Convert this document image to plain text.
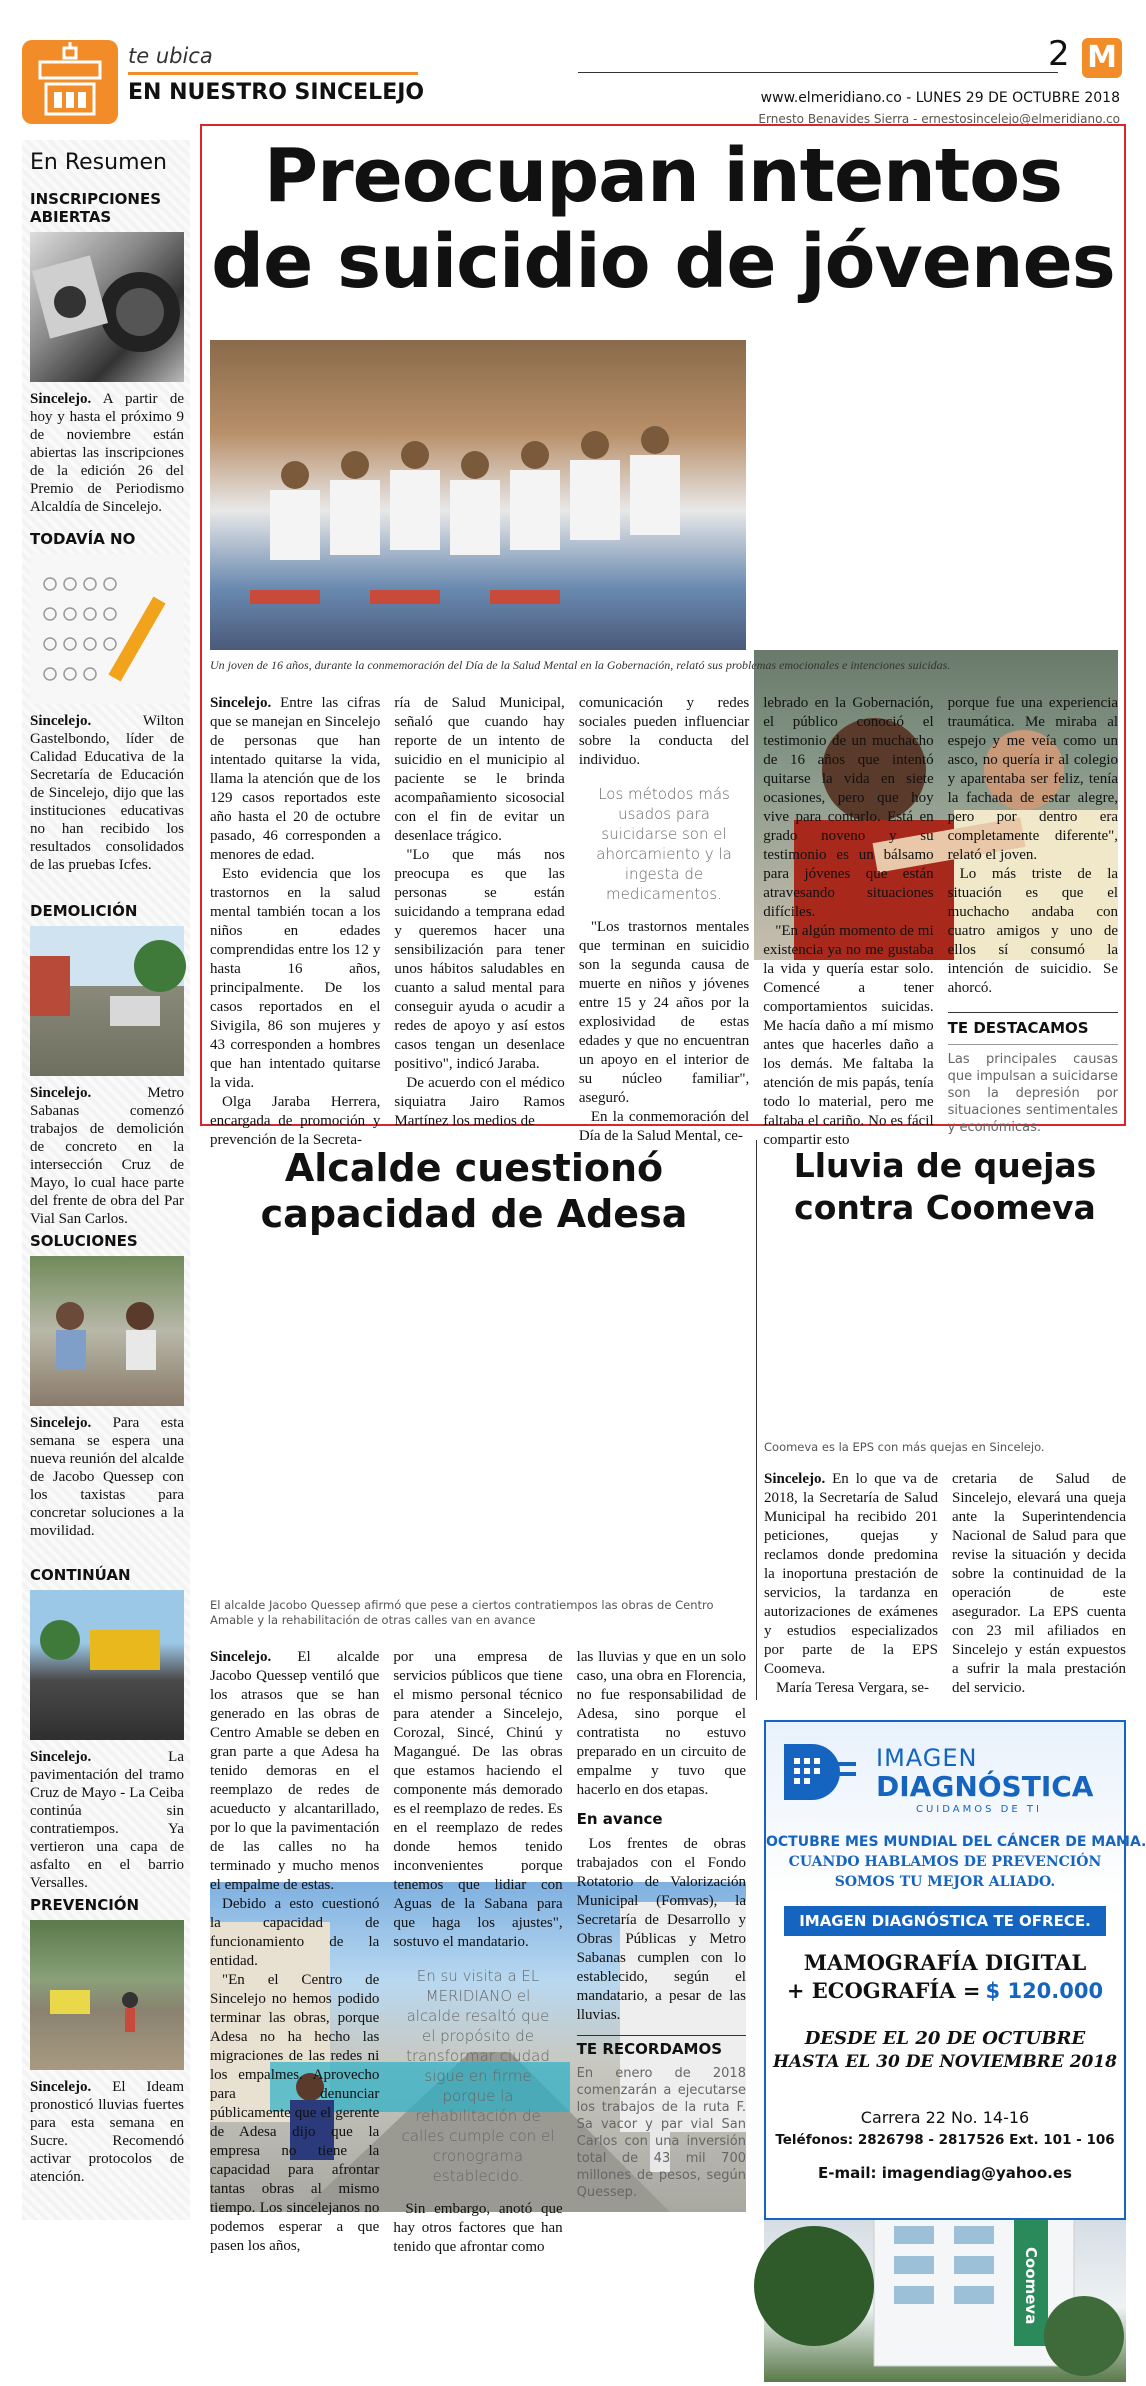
te ubica
EN NUESTRO SINCELEJO
2 M
www.elmeridiano.co - LUNES 29 DE OCTUBRE 2018
Ernesto Benavides Sierra - ernestosincelejo@elmeridiano.co
En Resumen
INSCRIPCIONES ABIERTAS
Sincelejo. A partir de hoy y hasta el próximo 9 de noviembre están abiertas las inscripciones de la edición 26 del Premio de Periodismo Alcaldía de Sincelejo.
TODAVÍA NO
Sincelejo. Wilton Gastelbondo, líder de Calidad Educativa de la Secretaría de Educación de Sincelejo, dijo que las instituciones educativas no han recibido los resultados consolidados de las pruebas Icfes.
DEMOLICIÓN
Sincelejo. Metro Sabanas comenzó trabajos de demolición de concreto en la intersección Cruz de Mayo, lo cual hace parte del frente de obra del Par Vial San Carlos.
SOLUCIONES
Sincelejo. Para esta semana se espera una nueva reunión del alcalde de Jacobo Quessep con los taxistas para concretar soluciones a la movilidad.
CONTINÚAN
Sincelejo. La pavimentación del tramo Cruz de Mayo - La Ceiba continúa sin contratiempos. Ya vertieron una capa de asfalto en el barrio Versalles.
PREVENCIÓN
Sincelejo. El Ideam pronosticó lluvias fuertes para esta semana en Sucre. Recomendó activar protocolos de atención.
Preocupan intentos
de suicidio de jóvenes
Un joven de 16 años, durante la conmemoración del Día de la Salud Mental en la Gobernación, relató sus problemas emocionales e intenciones suicidas.

Sincelejo. Entre las cifras que se manejan en Sincelejo de personas que han intentado quitarse la vida, llama la atención que de los 129 casos reportados este año hasta el 20 de octubre pasado, 46 corresponden a menores de edad.

Esto evidencia que los trastornos en la salud mental también tocan a los niños en edades comprendidas entre los 12 y hasta 16 años, principalmente. De los casos reportados en el Sivigila, 86 son mujeres y 43 corresponden a hombres que han intentado quitarse la vida.

Olga Jaraba Herrera, encargada de promoción y prevención de la Secreta-

ría de Salud Municipal, señaló que cuando hay reporte de un intento de suicidio en el municipio al paciente se le brinda acompañamiento sicosocial con el fin de evitar un desenlace trágico.

"Lo que más nos preocupa es que las personas se están suicidando a temprana edad y queremos hacer una sensibilización para tener unos hábitos saludables en cuanto a salud mental para conseguir ayuda o acudir a redes de apoyo y así estos casos tengan un desenlace positivo", indicó Jaraba.

De acuerdo con el médico siquiatra Jairo Ramos Martínez los medios de

comunicación y redes sociales pueden influenciar sobre la conducta del individuo.

Los métodos más usados para suicidarse son el ahorcamiento y la ingesta de medicamentos.

"Los trastornos mentales que terminan en suicidio son la segunda causa de muerte en niños y jóvenes entre 15 y 24 años por la explosividad de estas edades y que no encuentran un apoyo en el interior de su núcleo familiar", aseguró.

En la conmemoración del Día de la Salud Mental, ce-

lebrado en la Gobernación, el público conoció el testimonio de un muchacho de 16 años que intentó quitarse la vida en siete ocasiones, pero que hoy vive para contarlo. Está en grado noveno y su testimonio es un bálsamo para jóvenes que están atravesando situaciones difíciles.

"En algún momento de mi existencia ya no me gustaba la vida y quería estar solo. Comencé a tener comportamientos suicidas. Me hacía daño a mí mismo antes que hacerles daño a los demás. Me faltaba la atención de mis papás, tenía todo lo material, pero me faltaba el cariño. No es fácil compartir esto

porque fue una experiencia traumática. Me miraba al espejo y me veía como un asco, no quería ir al colegio y aparentaba ser feliz, tenía la fachada de estar alegre, pero por dentro era completamente diferente", relató el joven.

Lo más triste de la situación es que el muchacho andaba con cuatro amigos y uno de ellos sí consumó la intención de suicidio. Se ahorcó.

TE DESTACAMOS
Las principales causas que impulsan a suicidarse son la depresión por situaciones sentimentales y económicas.
Alcalde cuestionó
capacidad de Adesa
El alcalde Jacobo Quessep afirmó que pese a ciertos contratiempos las obras de Centro Amable y la rehabilitación de otras calles van en avance

Sincelejo. El alcalde Jacobo Quessep ventiló que los atrasos que se han generado en las obras de Centro Amable se deben en gran parte a que Adesa ha tenido demoras en el reemplazo de redes de acueducto y alcantarillado, por lo que la pavimentación de las calles no ha terminado y mucho menos el empalme de estas.

Debido a esto cuestionó la capacidad de funcionamiento de la entidad.

"En el Centro de Sincelejo no hemos podido terminar las obras, porque Adesa no ha hecho las migraciones de las redes ni los empalmes. Aprovecho para denunciar públicamente que el gerente de Adesa dijo que la empresa no tiene la capacidad para afrontar tantas obras al mismo tiempo. Los sincelejanos no podemos esperar a que pasen los años,

por una empresa de servicios públicos que tiene el mismo personal técnico para atender a Sincelejo, Corozal, Sincé, Chinú y Magangué. De las obras que estamos haciendo el componente más demorado es el reemplazo de redes. Es en el reemplazo de redes donde hemos tenido inconvenientes porque tenemos que lidiar con Aguas de la Sabana para que haga los ajustes", sostuvo el mandatario.

En su visita a EL MERIDIANO el alcalde resaltó que el propósito de transformar ciudad sigue en firme porque la rehabilitación de calles cumple con el cronograma establecido.

Sin embargo, anotó que hay otros factores que han tenido que afrontar como

las lluvias y que en un solo caso, una obra en Florencia, no fue responsabilidad de Adesa, sino porque el contratista no estuvo preparado en un circuito de empalme y tuvo que hacerlo en dos etapas.

En avance

Los frentes de obras trabajados con el Fondo Rotatorio de Valorización Municipal (Fomvas), la Secretaría de Desarrollo y Obras Públicas y Metro Sabanas cumplen con lo establecido, según el mandatario, a pesar de las lluvias.

TE RECORDAMOS
En enero de 2018 comenzarán a ejecutarse los trabajos de la ruta F. Sa vacor y par vial San Carlos con una inversión total de 43 mil 700 millones de pesos, según Quessep.
Lluvia de quejas
contra Coomeva
Coomeva
Coomeva es la EPS con más quejas en Sincelejo.

Sincelejo. En lo que va de 2018, la Secretaría de Salud Municipal ha recibido 201 peticiones, quejas y reclamos donde predomina la inoportuna prestación de servicios, la tardanza en autorizaciones de exámenes y estudios especializados por parte de la EPS Coomeva.

María Teresa Vergara, se-

cretaria de Salud de Sincelejo, elevará una queja ante la Superintendencia Nacional de Salud para que revise la situación y decida sobre la continuidad de la operación de este asegurador. La EPS cuenta con 23 mil afiliados en Sincelejo y están expuestos a sufrir la mala prestación del servicio.

IMAGEN
DIAGNÓSTICA
CUIDAMOS DE TI
OCTUBRE MES MUNDIAL DEL CÁNCER DE MAMA.
CUANDO HABLAMOS DE PREVENCIÓN
SOMOS TU MEJOR ALIADO.
IMAGEN DIAGNÓSTICA TE OFRECE.
MAMOGRAFÍA DIGITAL
+ ECOGRAFÍA = $ 120.000
DESDE EL 20 DE OCTUBRE
HASTA EL 30 DE NOVIEMBRE 2018
Carrera 22 No. 14-16
Teléfonos: 2826798 - 2817526 Ext. 101 - 106
E-mail: imagendiag@yahoo.es
